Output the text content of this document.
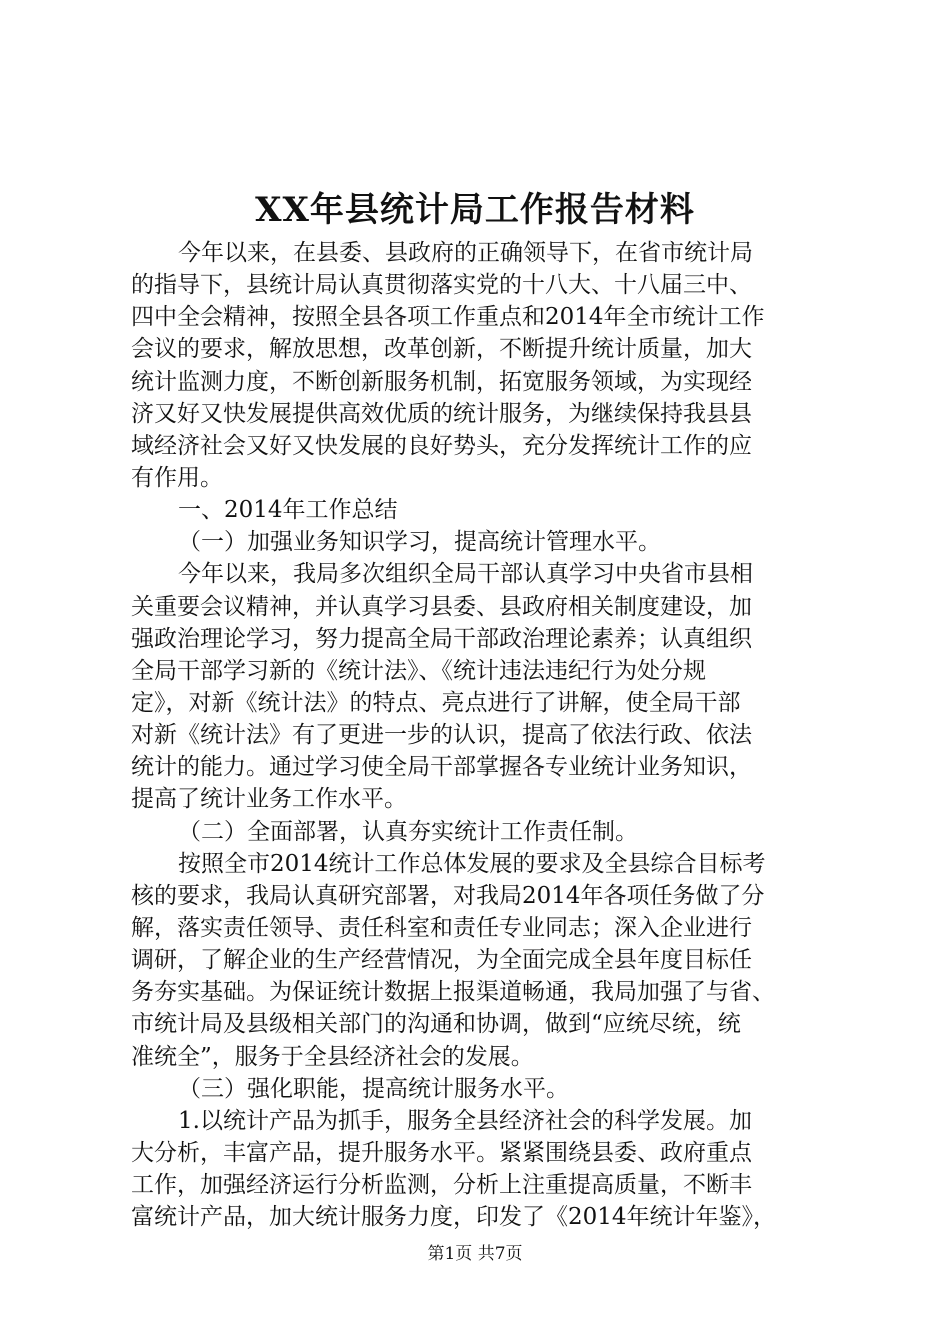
XX年县统计局工作报告材料
今年以来，在县委、县政府的正确领导下，在省市统计局
的指导下，县统计局认真贯彻落实党的十八大、十八届三中、
四中全会精神，按照全县各项工作重点和2014年全市统计工作
会议的要求，解放思想，改革创新，不断提升统计质量，加大
统计监测力度，不断创新服务机制，拓宽服务领域，为实现经
济又好又快发展提供高效优质的统计服务，为继续保持我县县
域经济社会又好又快发展的良好势头，充分发挥统计工作的应
有作用。
一、2014年工作总结
（一）加强业务知识学习，提高统计管理水平。
今年以来，我局多次组织全局干部认真学习中央省市县相
关重要会议精神，并认真学习县委、县政府相关制度建设，加
强政治理论学习，努力提高全局干部政治理论素养；认真组织
全局干部学习新的《统计法》、《统计违法违纪行为处分规
定》，对新《统计法》的特点、亮点进行了讲解，使全局干部
对新《统计法》有了更进一步的认识，提高了依法行政、依法
统计的能力。通过学习使全局干部掌握各专业统计业务知识，
提高了统计业务工作水平。
（二）全面部署，认真夯实统计工作责任制。
按照全市2014统计工作总体发展的要求及全县综合目标考
核的要求，我局认真研究部署，对我局2014年各项任务做了分
解，落实责任领导、责任科室和责任专业同志；深入企业进行
调研，了解企业的生产经营情况，为全面完成全县年度目标任
务夯实基础。为保证统计数据上报渠道畅通，我局加强了与省、
市统计局及县级相关部门的沟通和协调，做到“应统尽统，统
准统全”，服务于全县经济社会的发展。
（三）强化职能，提高统计服务水平。
1.以统计产品为抓手，服务全县经济社会的科学发展。加
大分析，丰富产品，提升服务水平。紧紧围绕县委、政府重点
工作，加强经济运行分析监测，分析上注重提高质量，不断丰
富统计产品，加大统计服务力度，印发了《2014年统计年鉴》，
第1页 共7页
